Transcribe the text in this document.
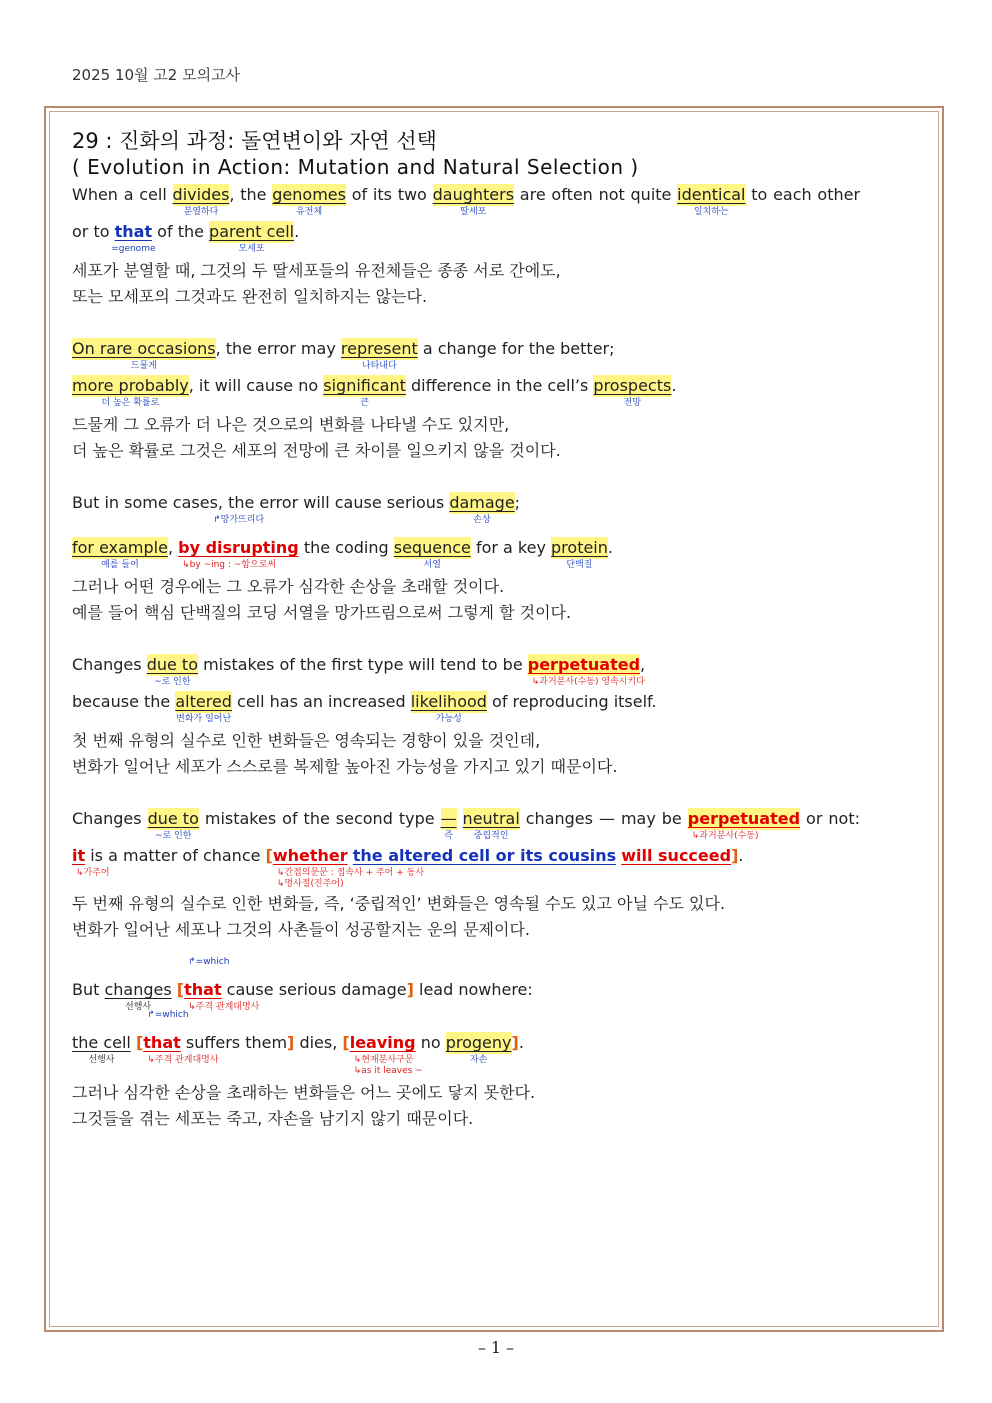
2025 10월 고2 모의고사
29 : 진화의 과정: 돌연변이와 자연 선택
( Evolution in Action: Mutation and Natural Selection )
When a cell divides
분열하다
, the genomes
유전체
of its two daughters
딸세포
are often not quite identical
일치하는
to each other
or to that
=genome
of the parent cell
모세포
.
세포가 분열할 때, 그것의 두 딸세포들의 유전체들은 종종 서로 간에도,
또는 모세포의 그것과도 완전히 일치하지는 않는다.
On rare occasions
드물게
, the error may represent
나타내다
a change for the better;
more probably
더 높은 확률로
, it will cause no significant
큰
difference in the cell’s prospects
전망
.
드물게 그 오류가 더 나은 것으로의 변화를 나타낼 수도 있지만,
더 높은 확률로 그것은 세포의 전망에 큰 차이를 일으키지 않을 것이다.
But in some cases, the error will cause serious damage
손상
;
for example
예를 들어
, by disrupting
↱망가뜨리다
↳by ~ing : ~함으로써
the coding sequence
서열
for a key protein
단백질
.
그러나 어떤 경우에는 그 오류가 심각한 손상을 초래할 것이다.
예를 들어 핵심 단백질의 코딩 서열을 망가뜨림으로써 그렇게 할 것이다.
Changes due to
~로 인한
mistakes of the first type will tend to be perpetuated
↳과거분사(수동) 영속시키다
,
because the altered
변화가 일어난
cell has an increased likelihood
가능성
of reproducing itself.
첫 번째 유형의 실수로 인한 변화들은 영속되는 경향이 있을 것인데,
변화가 일어난 세포가 스스로를 복제할 높아진 가능성을 가지고 있기 때문이다.
Changes due to
~로 인한
mistakes of the second type —
즉
neutral
중립적인
changes — may be perpetuated
↳과거분사(수동)
or not:
it
↳가주어
is a matter of chance [whether
↳간접의문문 : 접속사 + 주어 + 동사
↳명사절(진주어)
the altered cell or its cousins will succeed].
두 번째 유형의 실수로 인한 변화들, 즉, ‘중립적인’ 변화들은 영속될 수도 있고 아닐 수도 있다.
변화가 일어난 세포나 그것의 사촌들이 성공할지는 운의 문제이다.
But changes
선행사
[that
↱=which
↳주격 관계대명사
cause serious damage] lead nowhere:
the cell
선행사
[that
↱=which
↳주격 관계대명사
suffers them] dies, [leaving
↳현재분사구문
↳as it leaves ~
no progeny
자손
].
그러나 심각한 손상을 초래하는 변화들은 어느 곳에도 닿지 못한다.
그것들을 겪는 세포는 죽고, 자손을 남기지 않기 때문이다.
– 1 –
